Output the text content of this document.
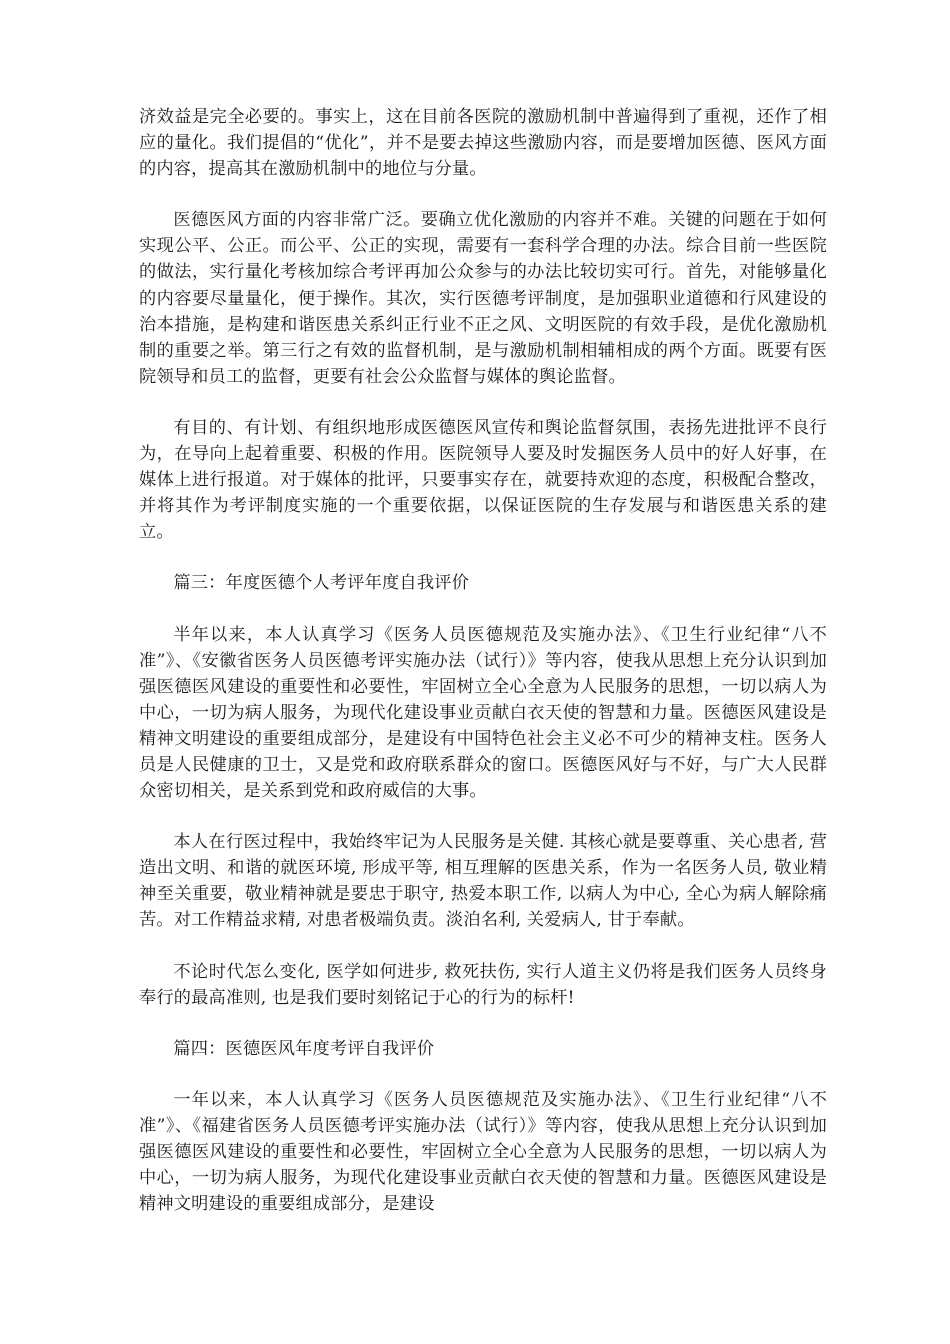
济效益是完全必要的。事实上，这在目前各医院的激励机制中普遍得到了重视，还作了相应的量化。我们提倡的“优化”，并不是要去掉这些激励内容，而是要增加医德、医风方面的内容，提高其在激励机制中的地位与分量。

医德医风方面的内容非常广泛。要确立优化激励的内容并不难。关键的问题在于如何实现公平、公正。而公平、公正的实现，需要有一套科学合理的办法。综合目前一些医院的做法，实行量化考核加综合考评再加公众参与的办法比较切实可行。首先，对能够量化的内容要尽量量化，便于操作。其次，实行医德考评制度，是加强职业道德和行风建设的治本措施，是构建和谐医患关系纠正行业不正之风、文明医院的有效手段，是优化激励机制的重要之举。第三行之有效的监督机制，是与激励机制相辅相成的两个方面。既要有医院领导和员工的监督，更要有社会公众监督与媒体的舆论监督。

有目的、有计划、有组织地形成医德医风宣传和舆论监督氛围，表扬先进批评不良行为，在导向上起着重要、积极的作用。医院领导人要及时发掘医务人员中的好人好事，在媒体上进行报道。对于媒体的批评，只要事实存在，就要持欢迎的态度，积极配合整改，并将其作为考评制度实施的一个重要依据，以保证医院的生存发展与和谐医患关系的建立。

篇三：年度医德个人考评年度自我评价

半年以来，本人认真学习《医务人员医德规范及实施办法》、《卫生行业纪律“八不准”》、《安徽省医务人员医德考评实施办法（试行）》等内容，使我从思想上充分认识到加强医德医风建设的重要性和必要性，牢固树立全心全意为人民服务的思想，一切以病人为中心，一切为病人服务，为现代化建设事业贡献白衣天使的智慧和力量。医德医风建设是精神文明建设的重要组成部分，是建设有中国特色社会主义必不可少的精神支柱。医务人员是人民健康的卫士，又是党和政府联系群众的窗口。医德医风好与不好，与广大人民群众密切相关，是关系到党和政府威信的大事。

本人在行医过程中，我始终牢记为人民服务是关健. 其核心就是要尊重、关心患者, 营造出文明、和谐的就医环境, 形成平等, 相互理解的医患关系，作为一名医务人员, 敬业精神至关重要，敬业精神就是要忠于职守, 热爱本职工作, 以病人为中心, 全心为病人解除痛苦。对工作精益求精, 对患者极端负责。淡泊名利, 关爱病人, 甘于奉献。

不论时代怎么变化, 医学如何进步, 救死扶伤, 实行人道主义仍将是我们医务人员终身奉行的最高准则, 也是我们要时刻铭记于心的行为的标杆!

篇四：医德医风年度考评自我评价

一年以来，本人认真学习《医务人员医德规范及实施办法》、《卫生行业纪律“八不准”》、《福建省医务人员医德考评实施办法（试行）》等内容，使我从思想上充分认识到加强医德医风建设的重要性和必要性，牢固树立全心全意为人民服务的思想，一切以病人为中心，一切为病人服务，为现代化建设事业贡献白衣天使的智慧和力量。医德医风建设是精神文明建设的重要组成部分，是建设
